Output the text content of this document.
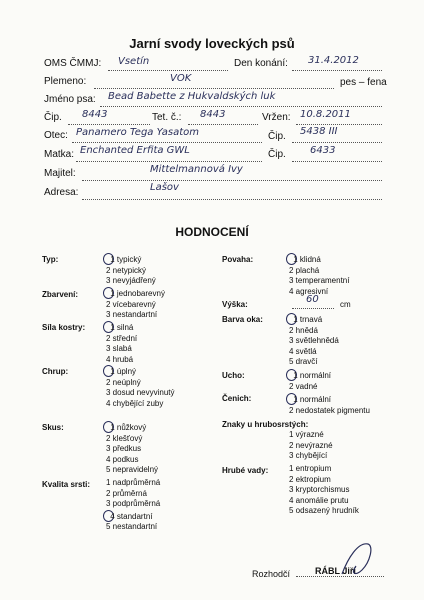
Jarní svody loveckých psů
OMS ČMMJ: Vsetín	Den konání: 31.4.2012
Plemeno:	VOK	pes – fena
Jméno psa: Bead Babette z Hukvaldských luk
Čip. 8443	Tet. č.: 8443	Vržen: 10.8.2011
Otec: Panamero Tega Yasatom	Čip. 5438 III
Matka: Enchanted Erfita GWL	Čip. 6433
Majitel:	Mittelmannová Ivy
Adresa:	Lašov
HODNOCENÍ
Typ:	1 typický
2 netypický
3 nevyjádřený
Zbarvení:	1 jednobarevný
2 vícebarevný
3 nestandartní
Síla kostry:	1 silná
2 střední
3 slabá
4 hrubá
Chrup:	1 úplný
2 neúplný
3 dosud nevyvinutý
4 chybějící zuby
Skus:	1 nůžkový
2 klešťový
3 předkus
4 podkus
5 nepravidelný
Kvalita srsti: 1 nadprůměrná
2 průměrná
3 podprůměrná
4 standartní
5 nestandartní
Povaha:	1 klidná
2 plachá
3 temperamentní
4 agresivní
Výška:	60	cm
Barva oka:	1 trnavá
2 hnědá
3 světlehnědá
4 světlá
5 dravčí
Ucho:	1 normální
2 vadné
Čenich:	1 normální
2 nedostatek pigmentu
Znaky u hrubosrstých:
1 výrazné
2 nevýrazné
3 chybějící
Hrubé vady:	1 entropium
2 ektropium
3 kryptorchismus
4 anomálie prutu
5 odsazený hrudník
Rozhodčí	RÁBL Jiří
